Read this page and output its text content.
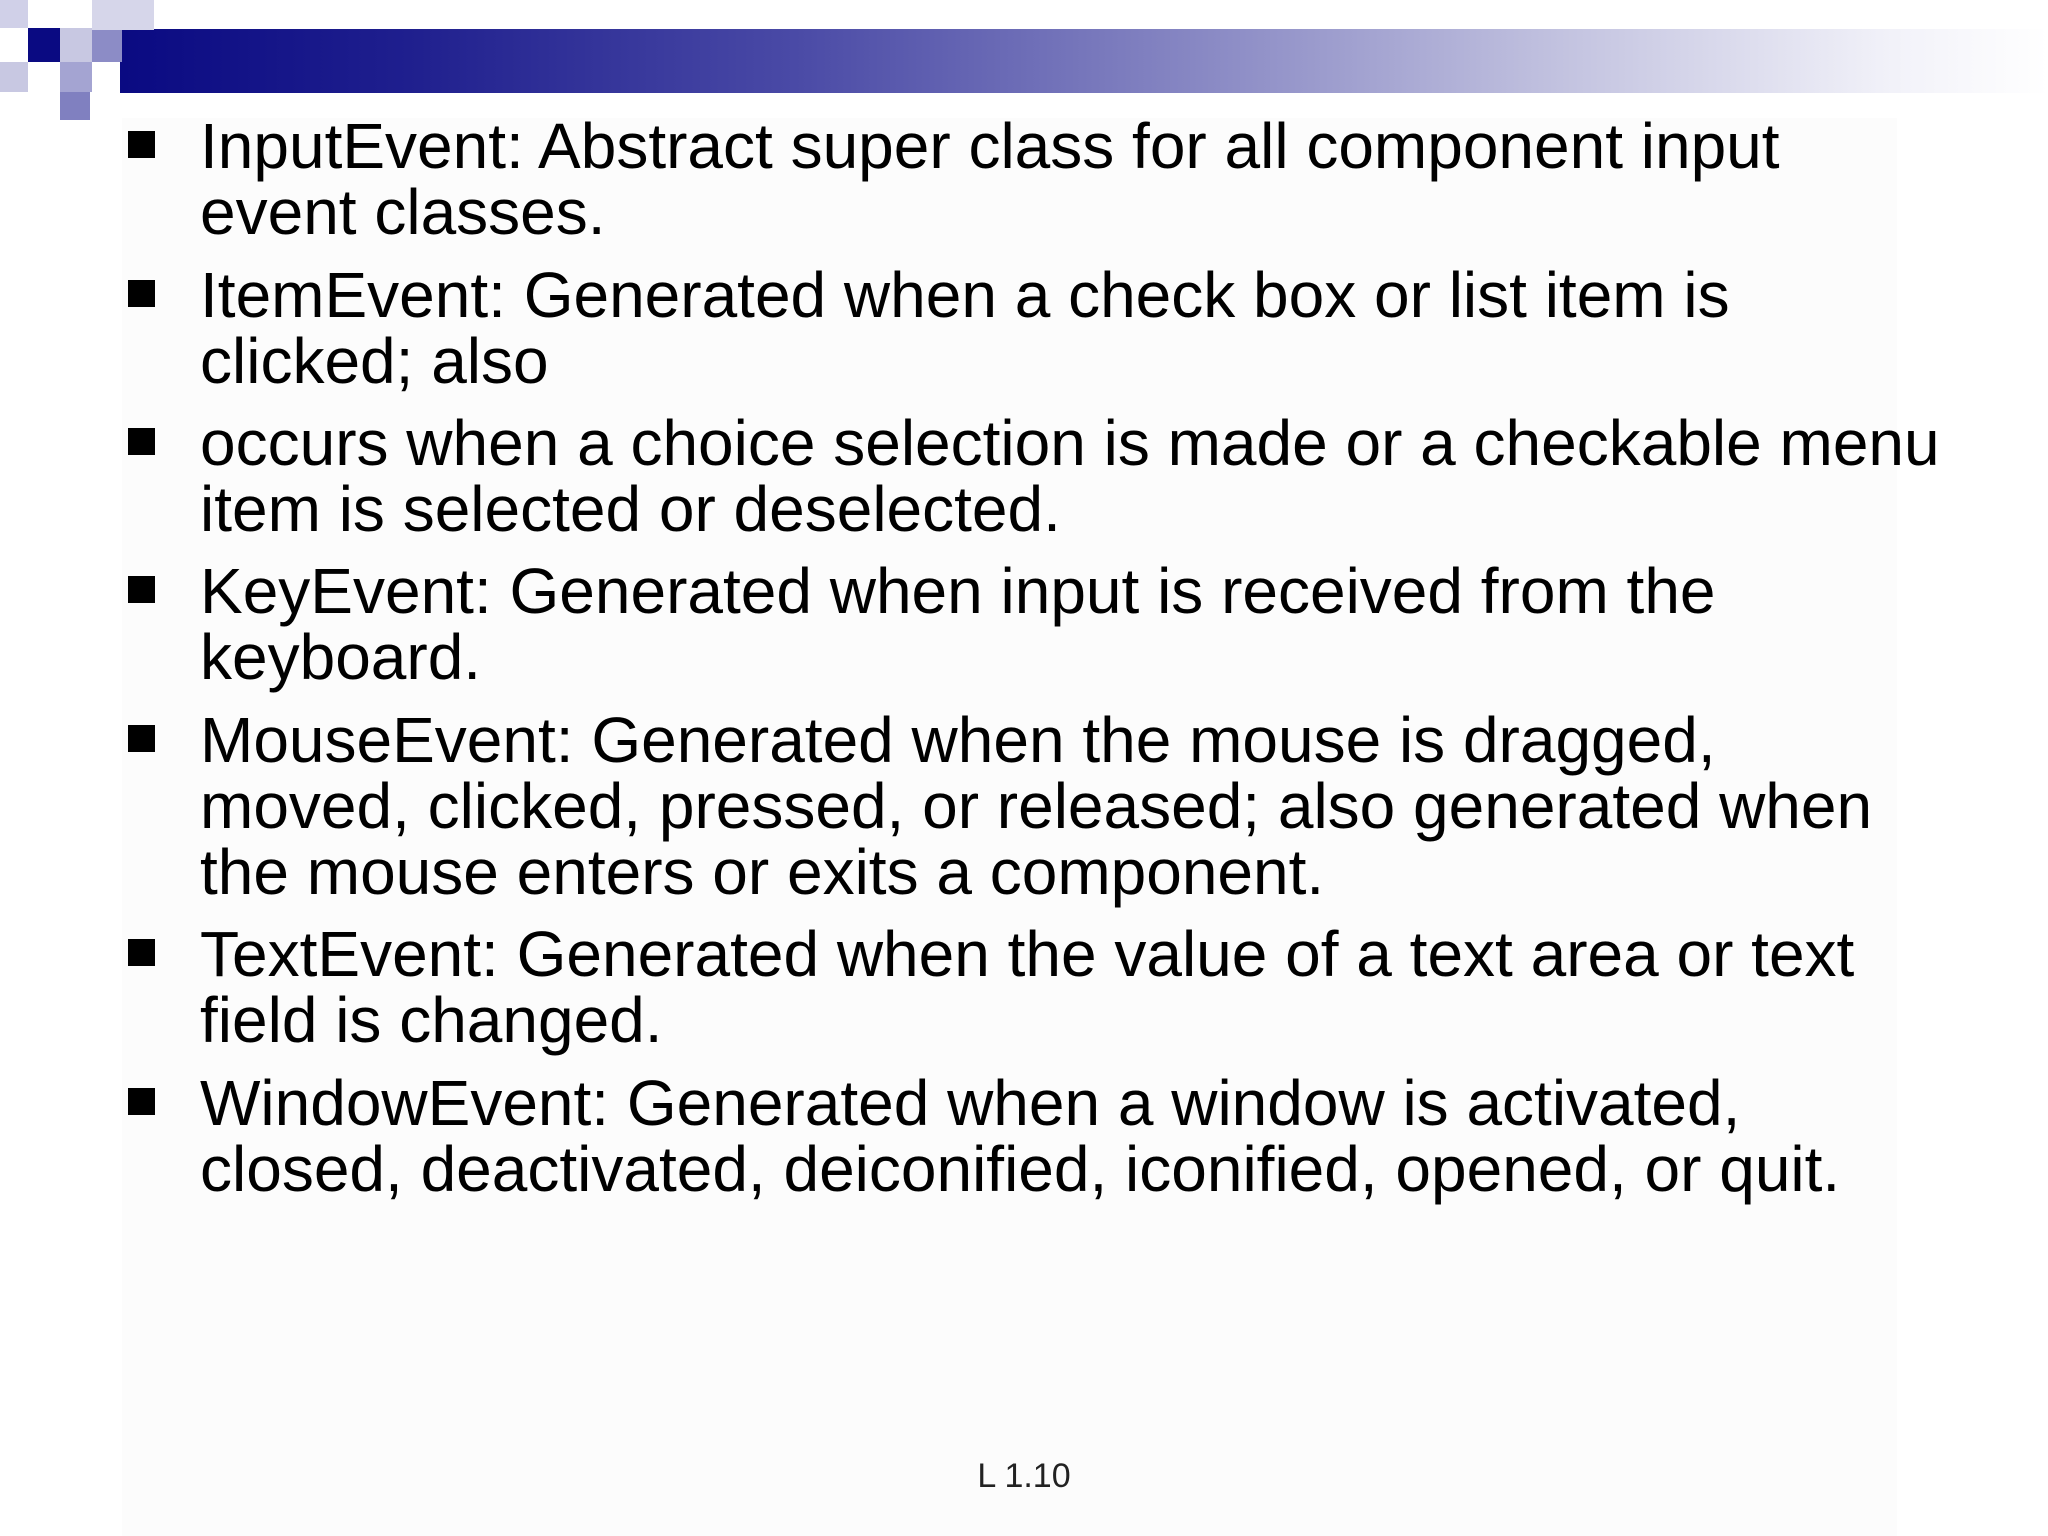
InputEvent: Abstract super class for all component input event classes.
ItemEvent: Generated when a check box or list item is clicked; also
occurs when a choice selection is made or a checkable menu item is selected or deselected.
KeyEvent: Generated when input is received from the keyboard.
MouseEvent: Generated when the mouse is dragged, moved, clicked, pressed, or released; also generated when the mouse enters or exits a component.
TextEvent: Generated when the value of a text area or text field is changed.
WindowEvent: Generated when a window is activated, closed, deactivated, deiconified, iconified, opened, or quit.
L 1.10
